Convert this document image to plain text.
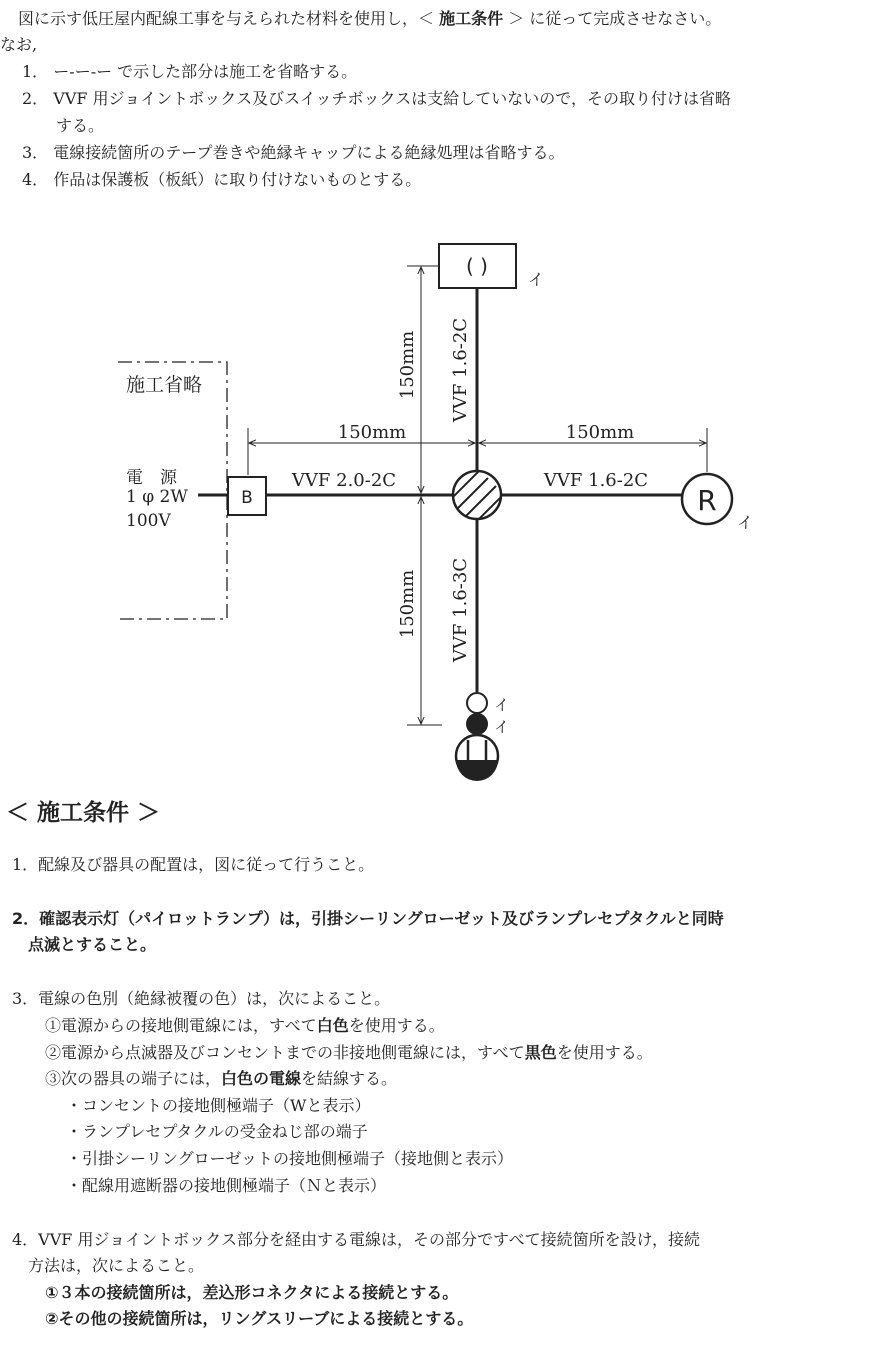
図に示す低圧屋内配線工事を与えられた材料を使用し，＜ 施工条件 ＞ に従って完成させなさい。
なお,
1． ー-ー-ー で示した部分は施工を省略する。
2． VVF 用ジョイントボックス及びスイッチボックスは支給していないので，その取り付けは省略
する。
3． 電線接続箇所のテープ巻きや絶縁キャップによる絶縁処理は省略する。
4． 作品は保護板（板紙）に取り付けないものとする。
施工省略
電　源
1 φ 2W
100V
B
( )
イ
R
イ
イ
イ
150mm	150mm
150mm
150mm
VVF 2.0-2C	VVF 1.6-2C
VVF 1.6-2C
VVF 1.6-3C
＜ 施工条件 ＞
1．配線及び器具の配置は，図に従って行うこと。
2．確認表示灯（パイロットランプ）は，引掛シーリングローゼット及びランプレセプタクルと同時
点滅とすること。
3．電線の色別（絶縁被覆の色）は，次によること。
①電源からの接地側電線には，すべて白色を使用する。
②電源から点滅器及びコンセントまでの非接地側電線には，すべて黒色を使用する。
③次の器具の端子には，白色の電線を結線する。
・コンセントの接地側極端子（Wと表示）
・ランプレセプタクルの受金ねじ部の端子
・引掛シーリングローゼットの接地側極端子（接地側と表示）
・配線用遮断器の接地側極端子（Ｎと表示）
4．VVF 用ジョイントボックス部分を経由する電線は，その部分ですべて接続箇所を設け，接続
方法は，次によること。
①３本の接続箇所は，差込形コネクタによる接続とする。
②その他の接続箇所は，リングスリーブによる接続とする。
